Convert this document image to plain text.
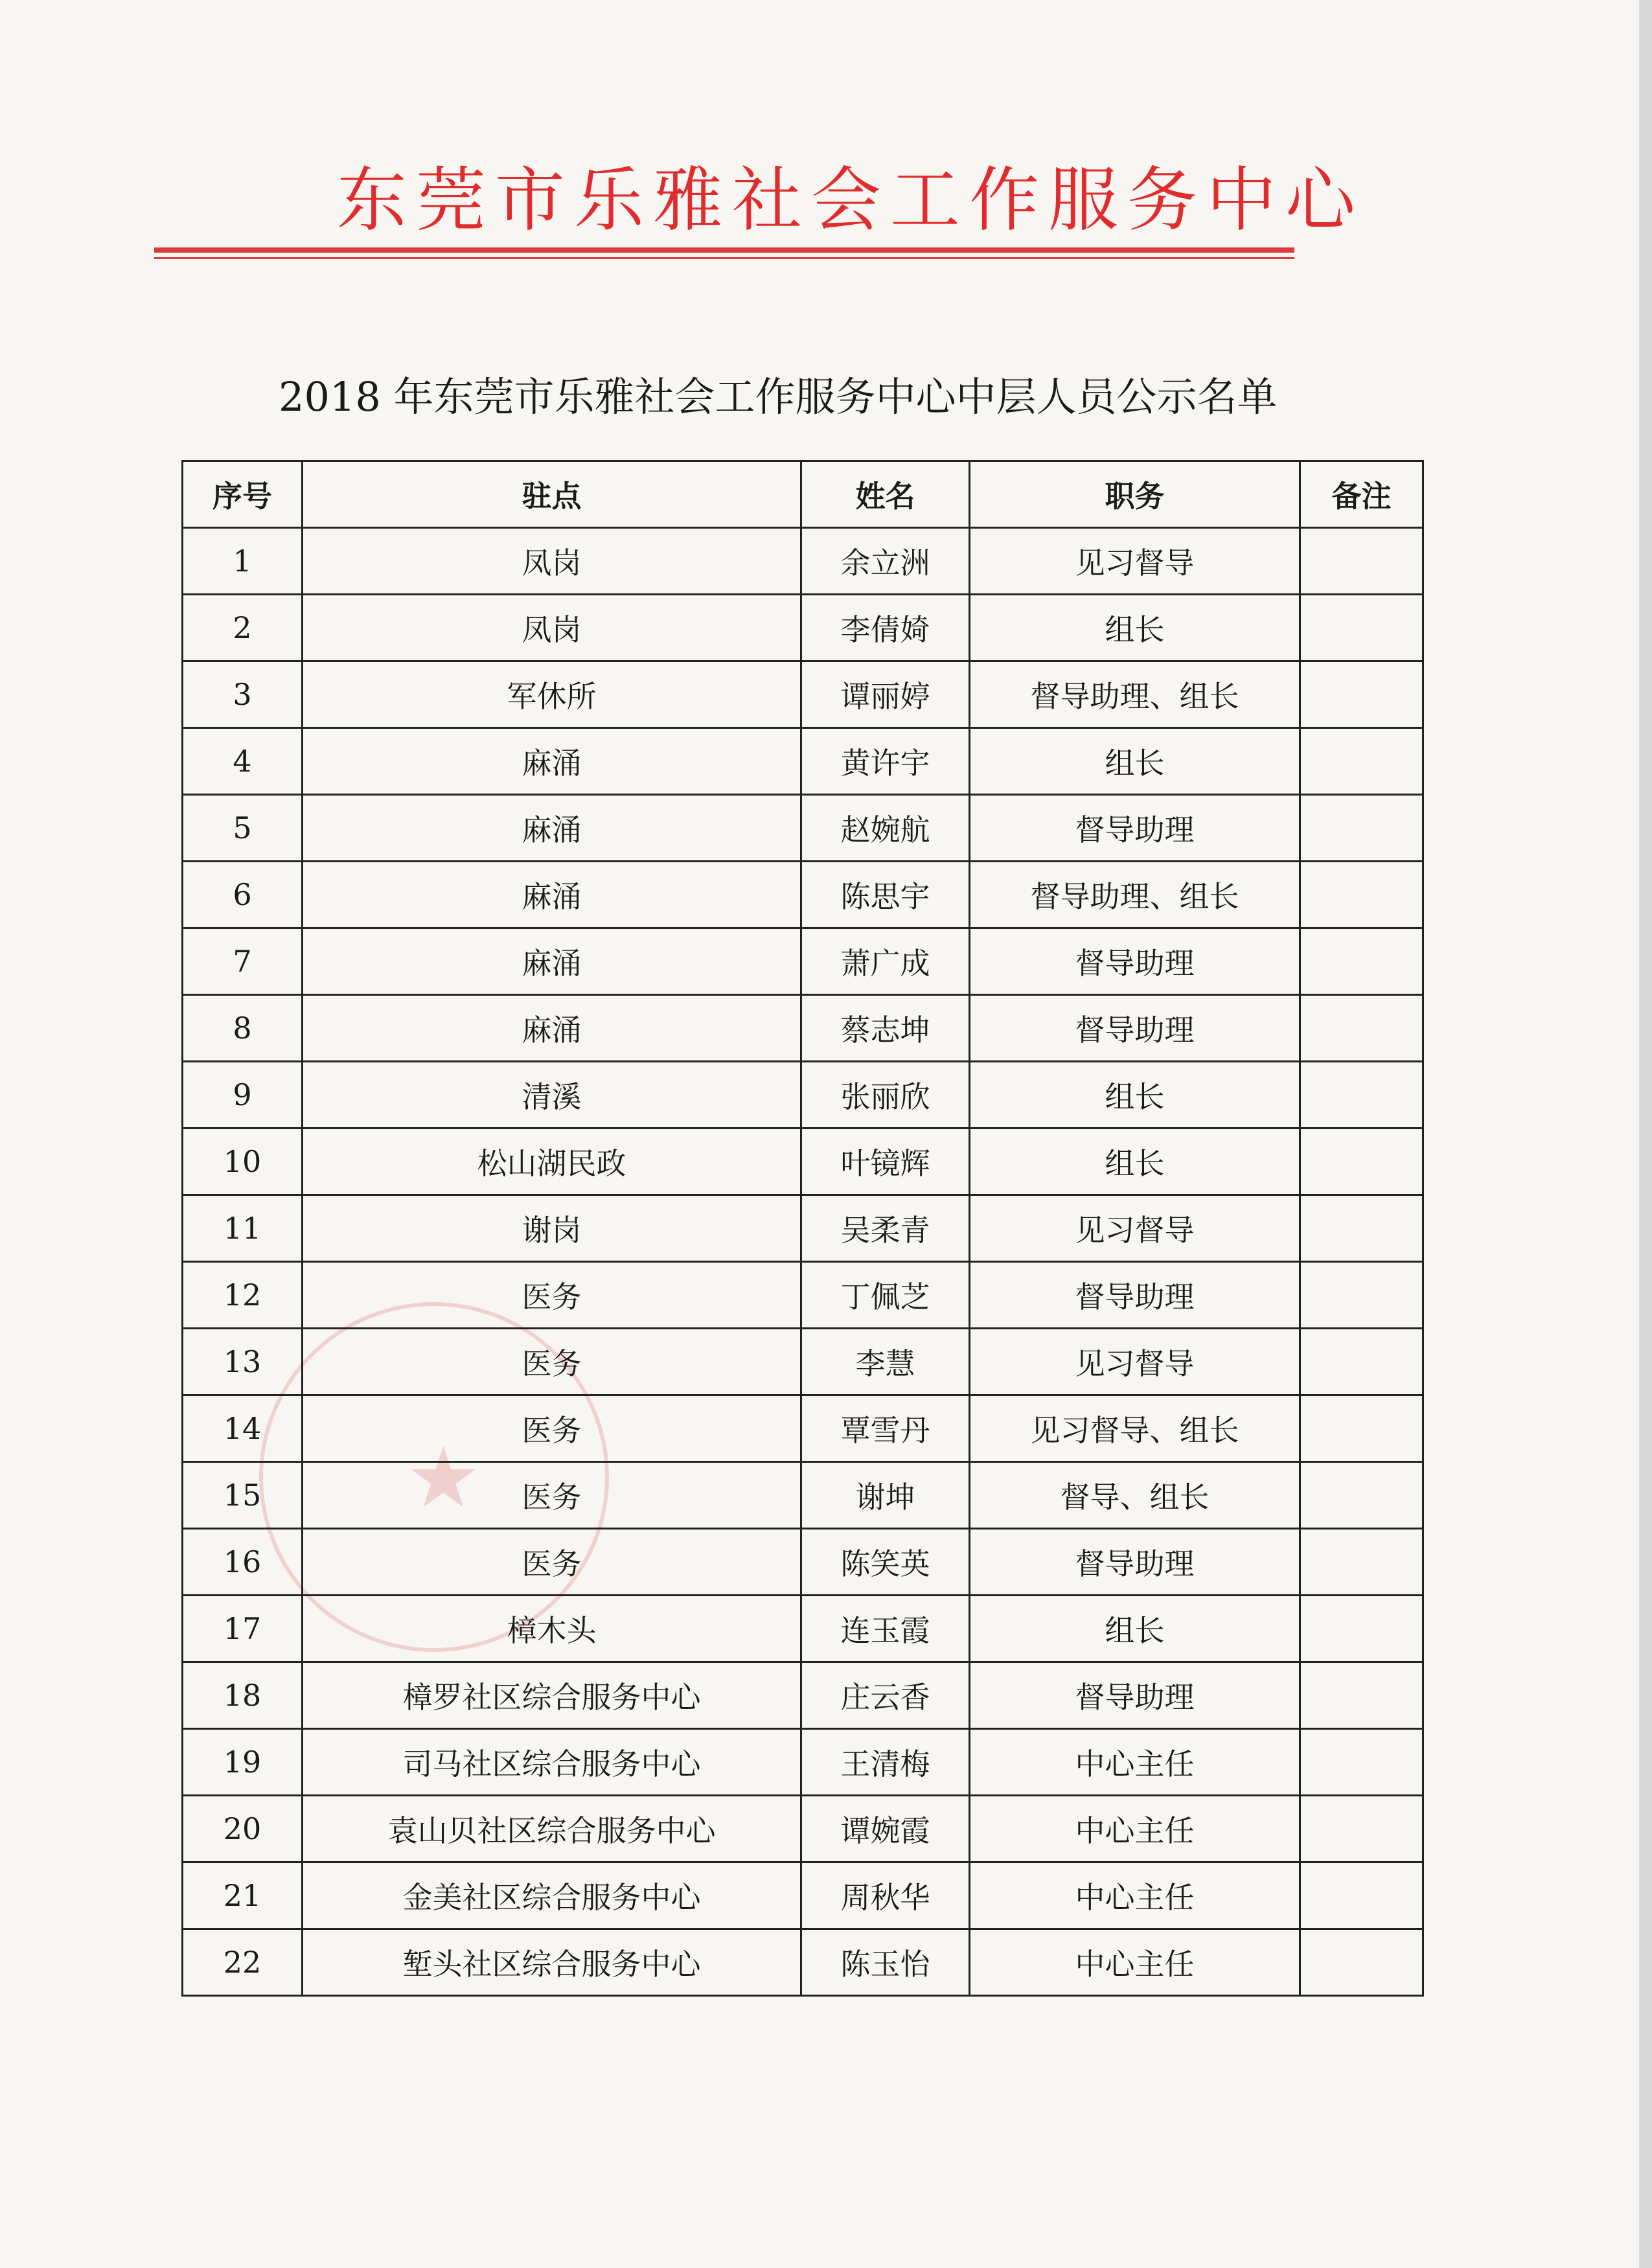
东莞市乐雅社会工作服务中心
2018 年东莞市乐雅社会工作服务中心中层人员公示名单
★
序号	驻点	姓名	职务	备注
1	凤岗	余立洲	见习督导	
2	凤岗	李倩婍	组长	
3	军休所	谭丽婷	督导助理、组长	
4	麻涌	黄许宇	组长	
5	麻涌	赵婉航	督导助理	
6	麻涌	陈思宇	督导助理、组长	
7	麻涌	萧广成	督导助理	
8	麻涌	蔡志坤	督导助理	
9	清溪	张丽欣	组长	
10	松山湖民政	叶镜辉	组长	
11	谢岗	吴柔青	见习督导	
12	医务	丁佩芝	督导助理	
13	医务	李慧	见习督导	
14	医务	覃雪丹	见习督导、组长	
15	医务	谢坤	督导、组长	
16	医务	陈笑英	督导助理	
17	樟木头	连玉霞	组长	
18	樟罗社区综合服务中心	庄云香	督导助理	
19	司马社区综合服务中心	王清梅	中心主任	
20	袁山贝社区综合服务中心	谭婉霞	中心主任	
21	金美社区综合服务中心	周秋华	中心主任	
22	堑头社区综合服务中心	陈玉怡	中心主任	
